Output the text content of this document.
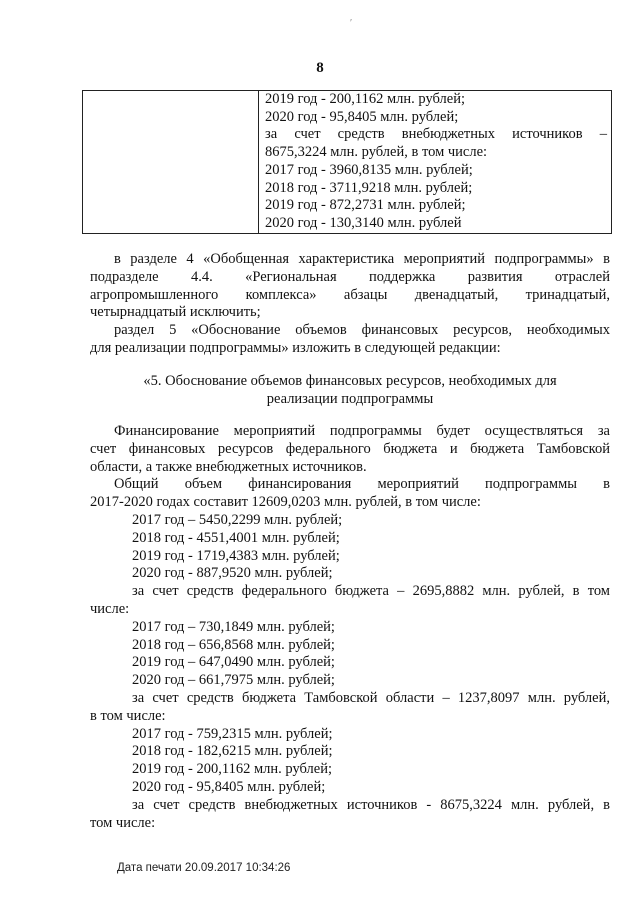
′
8

2019 год - 200,1162 млн. рублей;
2020 год - 95,8405 млн. рублей;
за счет средств внебюджетных источников –
8675,3224 млн. рублей, в том числе:
2017 год - 3960,8135 млн. рублей;
2018 год - 3711,9218 млн. рублей;
2019 год - 872,2731 млн. рублей;
2020 год - 130,3140 млн. рублей
в разделе 4 «Обобщенная характеристика мероприятий подпрограммы» в
подразделе 4.4. «Региональная поддержка развития отраслей
агропромышленного комплекса» абзацы двенадцатый, тринадцатый,
четырнадцатый исключить;
раздел 5 «Обоснование объемов финансовых ресурсов, необходимых
для реализации подпрограммы» изложить в следующей редакции:
«5. Обоснование объемов финансовых ресурсов, необходимых для
реализации подпрограммы
Финансирование мероприятий подпрограммы будет осуществляться за
счет финансовых ресурсов федерального бюджета и бюджета Тамбовской
области, а также внебюджетных источников.
Общий объем финансирования мероприятий подпрограммы в
2017-2020 годах составит 12609,0203 млн. рублей, в том числе:
2017 год – 5450,2299 млн. рублей;
2018 год - 4551,4001 млн. рублей;
2019 год - 1719,4383 млн. рублей;
2020 год - 887,9520 млн. рублей;
за счет средств федерального бюджета – 2695,8882 млн. рублей, в том
числе:
2017 год – 730,1849 млн. рублей;
2018 год – 656,8568 млн. рублей;
2019 год – 647,0490 млн. рублей;
2020 год – 661,7975 млн. рублей;
за счет средств бюджета Тамбовской области – 1237,8097 млн. рублей,
в том числе:
2017 год - 759,2315 млн. рублей;
2018 год - 182,6215 млн. рублей;
2019 год - 200,1162 млн. рублей;
2020 год - 95,8405 млн. рублей;
за счет средств внебюджетных источников - 8675,3224 млн. рублей, в
том числе:
Дата печати 20.09.2017 10:34:26
